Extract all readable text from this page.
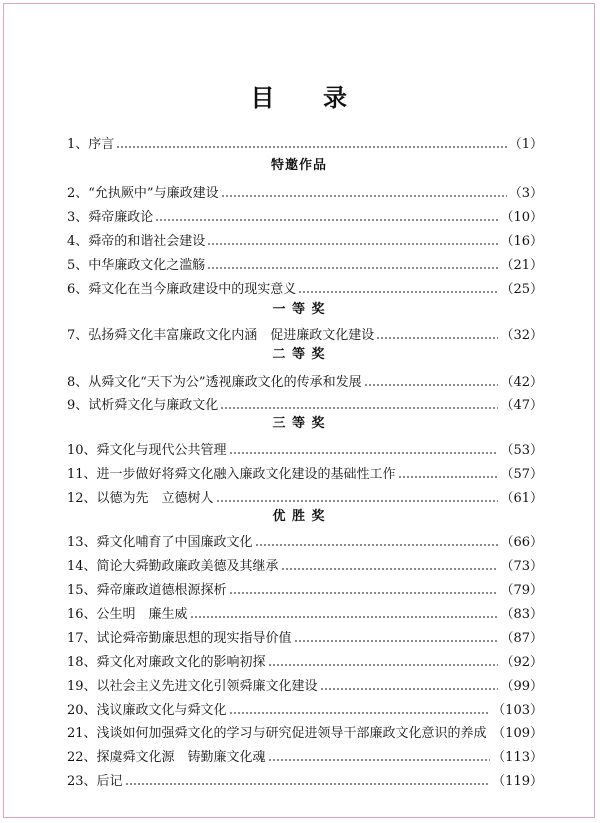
目 录
1、序言	（1）
特邀作品
2、“允执厥中”与廉政建设	（3）
3、舜帝廉政论	（10）
4、舜帝的和谐社会建设	（16）
5、中华廉政文化之滥觞	（21）
6、舜文化在当今廉政建设中的现实意义	（25）
一 等 奖
7、弘扬舜文化丰富廉政文化内涵　促进廉政文化建设	（32）
二 等 奖
8、从舜文化“天下为公”透视廉政文化的传承和发展	（42）
9、试析舜文化与廉政文化	（47）
三 等 奖
10、舜文化与现代公共管理	（53）
11、进一步做好将舜文化融入廉政文化建设的基础性工作	（57）
12、以德为先　立德树人	（61）
优 胜 奖
13、舜文化哺育了中国廉政文化	（66）
14、简论大舜勤政廉政美德及其继承	（73）
15、舜帝廉政道德根源探析	（79）
16、公生明　廉生威	（83）
17、试论舜帝勤廉思想的现实指导价值	（87）
18、舜文化对廉政文化的影响初探	（92）
19、以社会主义先进文化引领舜廉文化建设	（99）
20、浅议廉政文化与舜文化	（103）
21、浅谈如何加强舜文化的学习与研究促进领导干部廉政文化意识的养成 （109）
22、探虞舜文化源　铸勤廉文化魂	（113）
23、后记	（119）
